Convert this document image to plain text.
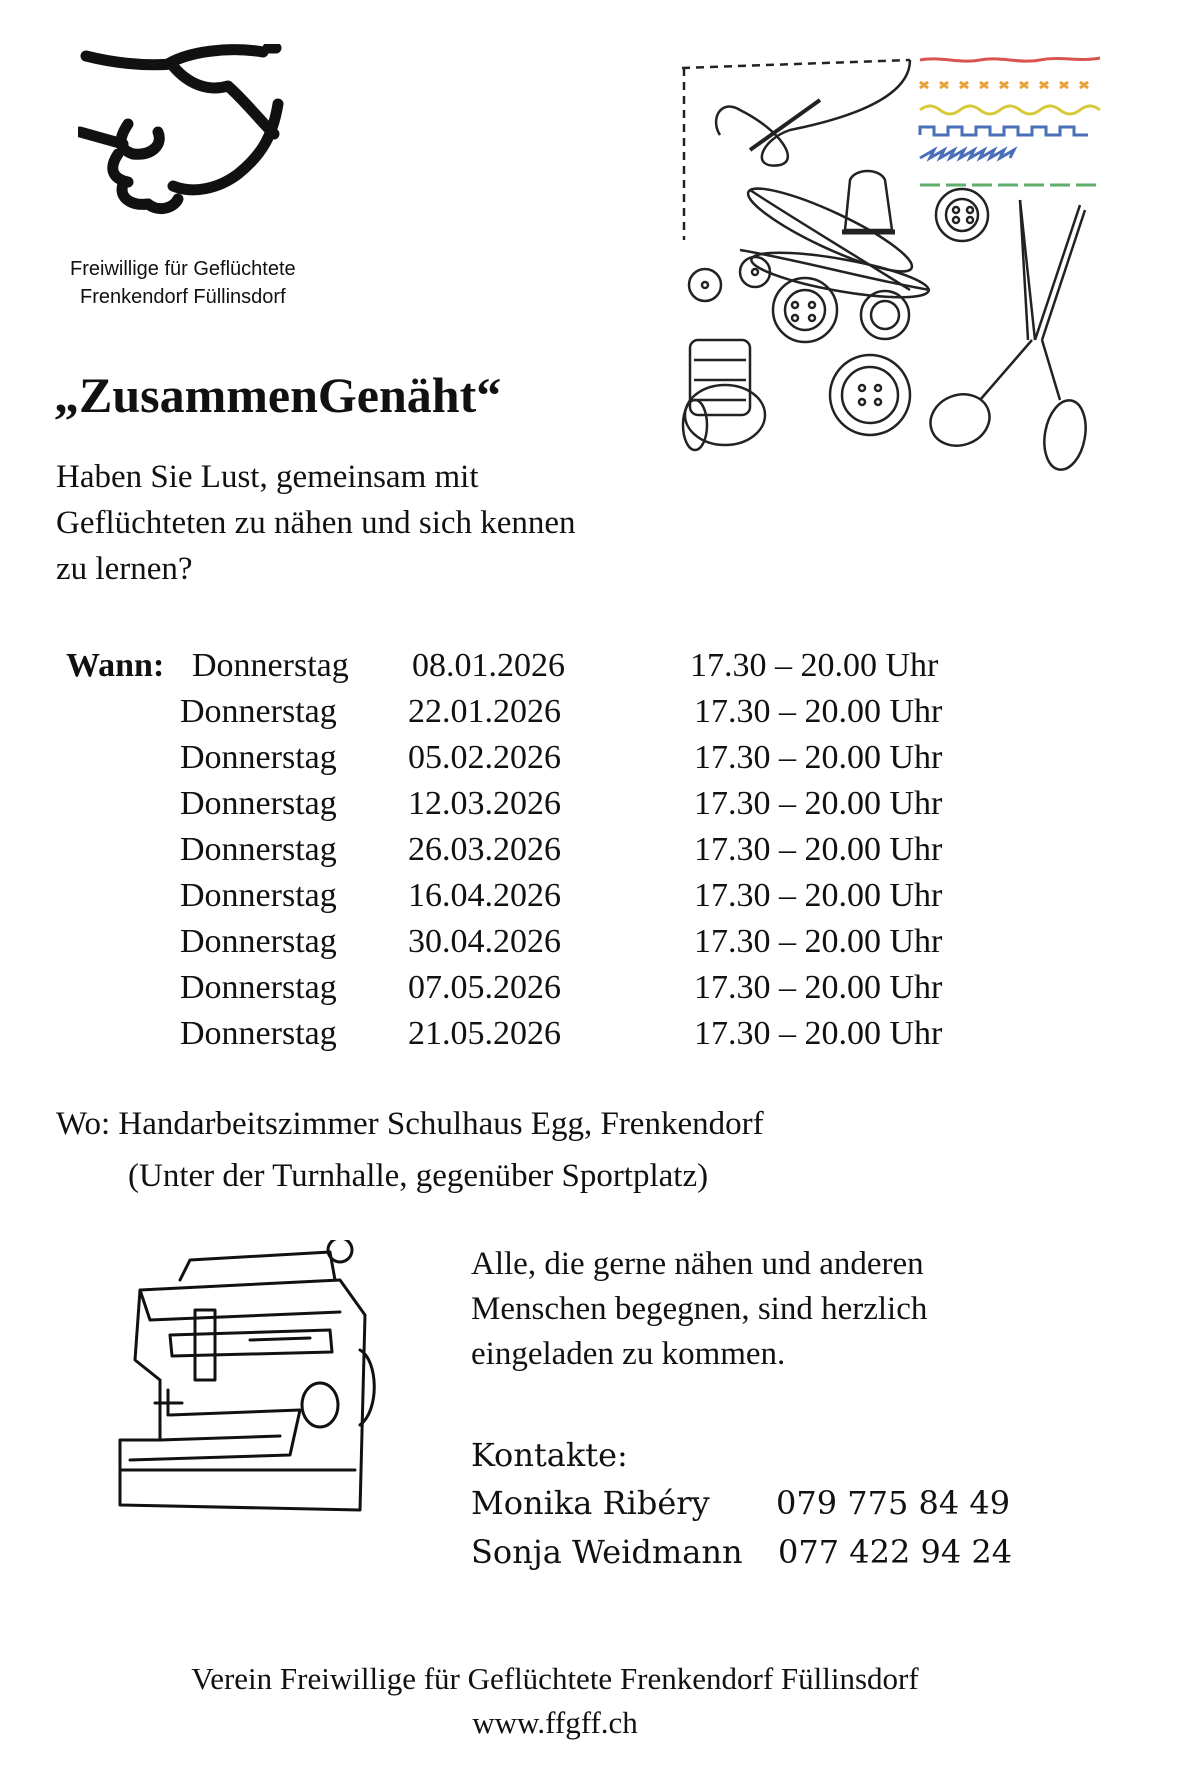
Freiwillige für Geflüchtete
Frenkendorf Füllinsdorf
„ZusammenGenäht“
Haben Sie Lust, gemeinsam mit
Geflüchteten zu nähen und sich kennen
zu lernen?
Wann: Donnerstag 08.01.2026	17.30 – 20.00 Uhr
Donnerstag 22.01.2026	17.30 – 20.00 Uhr
Donnerstag 05.02.2026	17.30 – 20.00 Uhr
Donnerstag 12.03.2026	17.30 – 20.00 Uhr
Donnerstag 26.03.2026	17.30 – 20.00 Uhr
Donnerstag 16.04.2026	17.30 – 20.00 Uhr
Donnerstag 30.04.2026	17.30 – 20.00 Uhr
Donnerstag 07.05.2026	17.30 – 20.00 Uhr
Donnerstag 21.05.2026	17.30 – 20.00 Uhr
Wo: Handarbeitszimmer Schulhaus Egg, Frenkendorf
(Unter der Turnhalle, gegenüber Sportplatz)
Alle, die gerne nähen und anderen
Menschen begegnen, sind herzlich
eingeladen zu kommen.
Kontakte:
Monika Ribéry 079 775 84 49
Sonja Weidmann 077 422 94 24
Verein Freiwillige für Geflüchtete Frenkendorf Füllinsdorf
www.ffgff.ch
